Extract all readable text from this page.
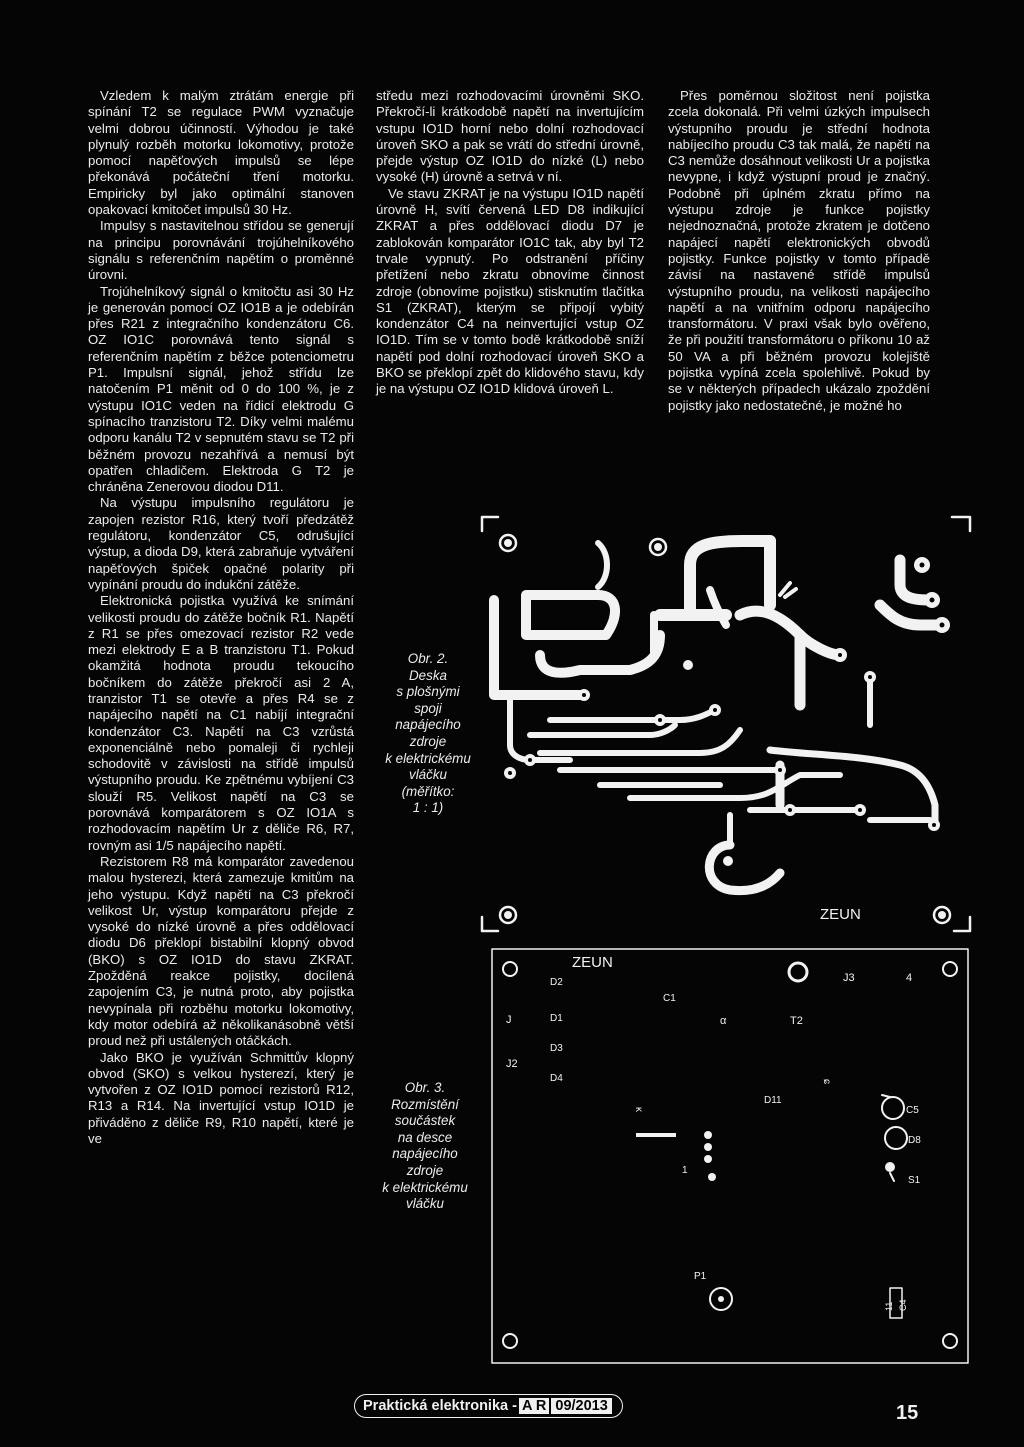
Vzledem k malým ztrátám energie při spínání T2 se regulace PWM vyznačuje velmi dobrou účinností. Výhodou je také plynulý rozběh motorku lokomotivy, protože pomocí napěťových impulsů se lépe překonává počáteční tření motorku. Empiricky byl jako optimální stanoven opakovací kmitočet impulsů 30 Hz.

Impulsy s nastavitelnou střídou se generují na principu porovnávání trojúhelníkového signálu s referenčním napětím o proměnné úrovni.

Trojúhelníkový signál o kmitočtu asi 30 Hz je generován pomocí OZ IO1B a je odebírán přes R21 z integračního kondenzátoru C6. OZ IO1C porovnává tento signál s referenčním napětím z běžce potenciometru P1. Impulsní signál, jehož střídu lze natočením P1 měnit od 0 do 100 %, je z výstupu IO1C veden na řídicí elektrodu G spínacího tranzistoru T2. Díky velmi malému odporu kanálu T2 v sepnutém stavu se T2 při běžném provozu nezahřívá a nemusí být opatřen chladičem. Elektroda G T2 je chráněna Zenerovou diodou D11.

Na výstupu impulsního regulátoru je zapojen rezistor R16, který tvoří předzátěž regulátoru, kondenzátor C5, odrušující výstup, a dioda D9, která zabraňuje vytváření napěťových špiček opačné polarity při vypínání proudu do indukční zátěže.

Elektronická pojistka využívá ke snímání velikosti proudu do zátěže bočník R1. Napětí z R1 se přes omezovací rezistor R2 vede mezi elektrody E a B tranzistoru T1. Pokud okamžitá hodnota proudu tekoucího bočníkem do zátěže překročí asi 2 A, tranzistor T1 se otevře a přes R4 se z napájecího napětí na C1 nabíjí integrační kondenzátor C3. Napětí na C3 vzrůstá exponenciálně nebo pomaleji či rychleji schodovitě v závislosti na střídě impulsů výstupního proudu. Ke zpětnému vybíjení C3 slouží R5. Velikost napětí na C3 se porovnává komparátorem s OZ IO1A s rozhodovacím napětím Ur z děliče R6, R7, rovným asi 1/5 napájecího napětí.

Rezistorem R8 má komparátor zavedenou malou hysterezi, která zamezuje kmitům na jeho výstupu. Když napětí na C3 překročí velikost Ur, výstup komparátoru přejde z vysoké do nízké úrovně a přes oddělovací diodu D6 překlopí bistabilní klopný obvod (BKO) s OZ IO1D do stavu ZKRAT. Zpožděná reakce pojistky, docílená zapojením C3, je nutná proto, aby pojistka nevypínala při rozběhu motorku lokomotivy, kdy motor odebírá až několikanásobně větší proud než při ustálených otáčkách.

Jako BKO je využíván Schmittův klopný obvod (SKO) s velkou hysterezí, který je vytvořen z OZ IO1D pomocí rezistorů R12, R13 a R14. Na invertující vstup IO1D je přiváděno z děliče R9, R10 napětí, které je ve

středu mezi rozhodovacími úrovněmi SKO. Překročí-li krátkodobě napětí na invertujícím vstupu IO1D horní nebo dolní rozhodovací úroveň SKO a pak se vrátí do střední úrovně, přejde výstup OZ IO1D do nízké (L) nebo vysoké (H) úrovně a setrvá v ní.

Ve stavu ZKRAT je na výstupu IO1D napětí úrovně H, svítí červená LED D8 indikující ZKRAT a přes oddělovací diodu D7 je zablokován komparátor IO1C tak, aby byl T2 trvale vypnutý. Po odstranění příčiny přetížení nebo zkratu obnovíme činnost zdroje (obnovíme pojistku) stisknutím tlačítka S1 (ZKRAT), kterým se připojí vybitý kondenzátor C4 na neinvertující vstup OZ IO1D. Tím se v tomto bodě krátkodobě sníží napětí pod dolní rozhodovací úroveň SKO a BKO se překlopí zpět do klidového stavu, kdy je na výstupu OZ IO1D klidová úroveň L.

Přes poměrnou složitost není pojistka zcela dokonalá. Při velmi úzkých impulsech výstupního proudu je střední hodnota nabíjecího proudu C3 tak malá, že napětí na C3 nemůže dosáhnout velikosti Ur a pojistka nevypne, i když výstupní proud je značný. Podobně při úplném zkratu přímo na výstupu zdroje je funkce pojistky nejednoznačná, protože zkratem je dotčeno napájecí napětí elektronických obvodů pojistky. Funkce pojistky v tomto případě závisí na nastavené střídě impulsů výstupního proudu, na velikosti napájecího napětí a na vnitřním odporu napájecího transformátoru. V praxi však bylo ověřeno, že při použití transformátoru o příkonu 10 až 50 VA a při běžném provozu kolejiště pojistka vypíná zcela spolehlivě. Pokud by se v některých případech ukázalo zpoždění pojistky jako nedostatečné, je možné ho

Obr. 2.
Deska
s plošnými
spoji
napájecího
zdroje
k elektrickému
vláčku
(měřítko:
1 : 1)
ZEUN
Obr. 3.
Rozmístění
součástek
na desce
napájecího
zdroje
k elektrickému
vláčku
ZEUN
D2
J	D1
D3
J2
D4
C1
α	T2
J3	4
D11
C5
D8
S1
P1
1
ĸ
ɕ
C4
11
Praktická elektronika - A R 09/2013	15
